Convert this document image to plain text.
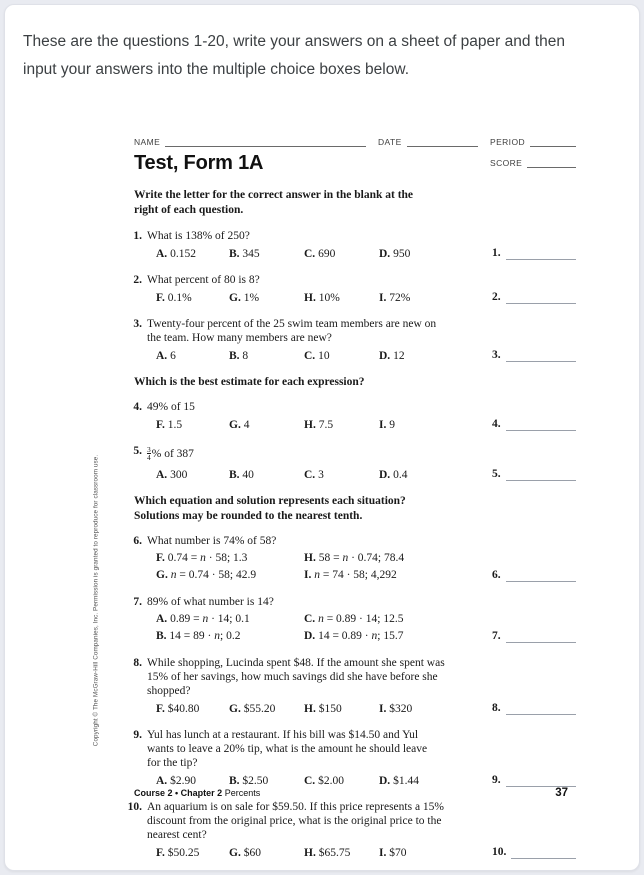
These are the questions 1-20, write your answers on a sheet of paper and then
input your answers into the multiple choice boxes below.
NAME	DATE	PERIOD
Test, Form 1A	SCORE
Write the letter for the correct answer in the blank at the
right of each question.
1. What is 138% of 250?
A. 0.152	B. 345	C. 690	D. 950	1.
2. What percent of 80 is 8?
F. 0.1%	G. 1%	H. 10%	I. 72%	2.
3. Twenty-four percent of the 25 swim team members are new on
the team. How many members are new?
A. 6	B. 8	C. 10	D. 12	3.
Which is the best estimate for each expression?
4. 49% of 15
F. 1.5	G. 4	H. 7.5	I. 9	4.
5. $\frac{3}{4}$ % of 387
A. 300	B. 40	C. 3	D. 0.4	5.
Which equation and solution represents each situation?
Solutions may be rounded to the nearest tenth.
6. What number is 74% of 58?
F. 0.74 = n · 58; 1.3	H. 58 = n · 0.74; 78.4
G. n = 0.74 · 58; 42.9	I. n = 74 · 58; 4,292	6.
7. 89% of what number is 14?
A. 0.89 = n · 14; 0.1	C. n = 0.89 · 14; 12.5
B. 14 = 89 · n; 0.2	D. 14 = 0.89 · n; 15.7	7.
8. While shopping, Lucinda spent $48. If the amount she spent was
15% of her savings, how much savings did she have before she
shopped?
F. $40.80	G. $55.20	H. $150	I. $320	8.
9. Yul has lunch at a restaurant. If his bill was $14.50 and Yul
wants to leave a 20% tip, what is the amount he should leave
for the tip?
A. $2.90	B. $2.50	C. $2.00	D. $1.44	9.
10. An aquarium is on sale for $59.50. If this price represents a 15%
discount from the original price, what is the original price to the
nearest cent?
F. $50.25	G. $60	H. $65.75	I. $70	10.
Course 2 • Chapter 2 Percents	37
Copyright © The McGraw-Hill Companies, Inc. Permission is granted to reproduce for classroom use.
